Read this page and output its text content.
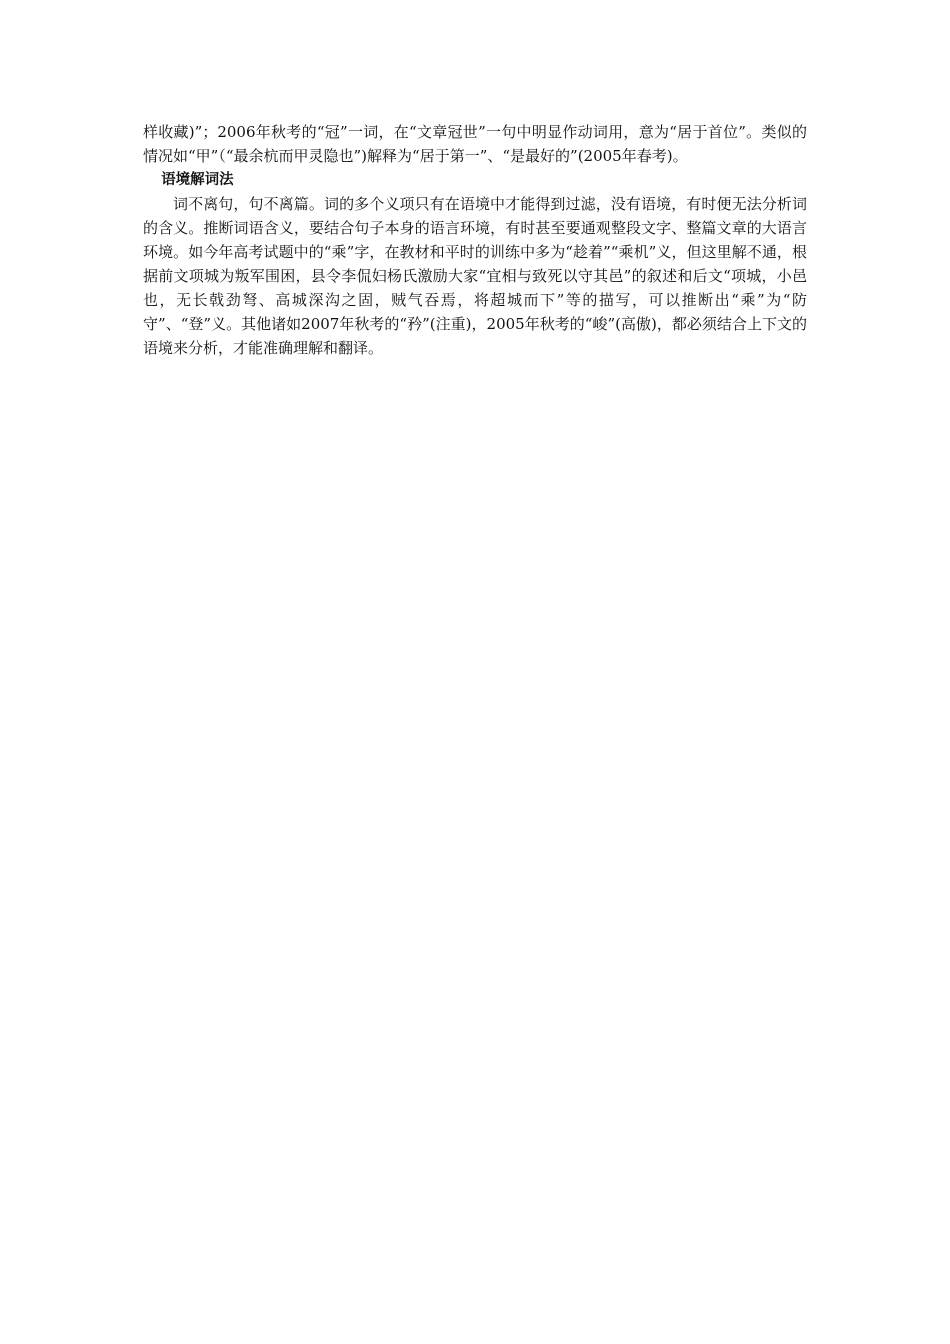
样收藏)”；2006年秋考的“冠”一词，在“文章冠世”一句中明显作动词用，意为“居于首位”。类似的情况如“甲”（“最余杭而甲灵隐也”)解释为“居于第一”、“是最好的”(2005年春考)。

语境解词法

词不离句，句不离篇。词的多个义项只有在语境中才能得到过滤，没有语境，有时便无法分析词的含义。推断词语含义，要结合句子本身的语言环境，有时甚至要通观整段文字、整篇文章的大语言环境。如今年高考试题中的“乘”字，在教材和平时的训练中多为“趁着”“乘机”义，但这里解不通，根据前文项城为叛军围困，县令李侃妇杨氏激励大家“宜相与致死以守其邑”的叙述和后文“项城，小邑也，无长戟劲弩、高城深沟之固，贼气吞焉，将超城而下”等的描写，可以推断出“乘”为“防守”、“登”义。其他诸如2007年秋考的“矜”(注重)，2005年秋考的“峻”(高傲)，都必须结合上下文的语境来分析，才能准确理解和翻译。
